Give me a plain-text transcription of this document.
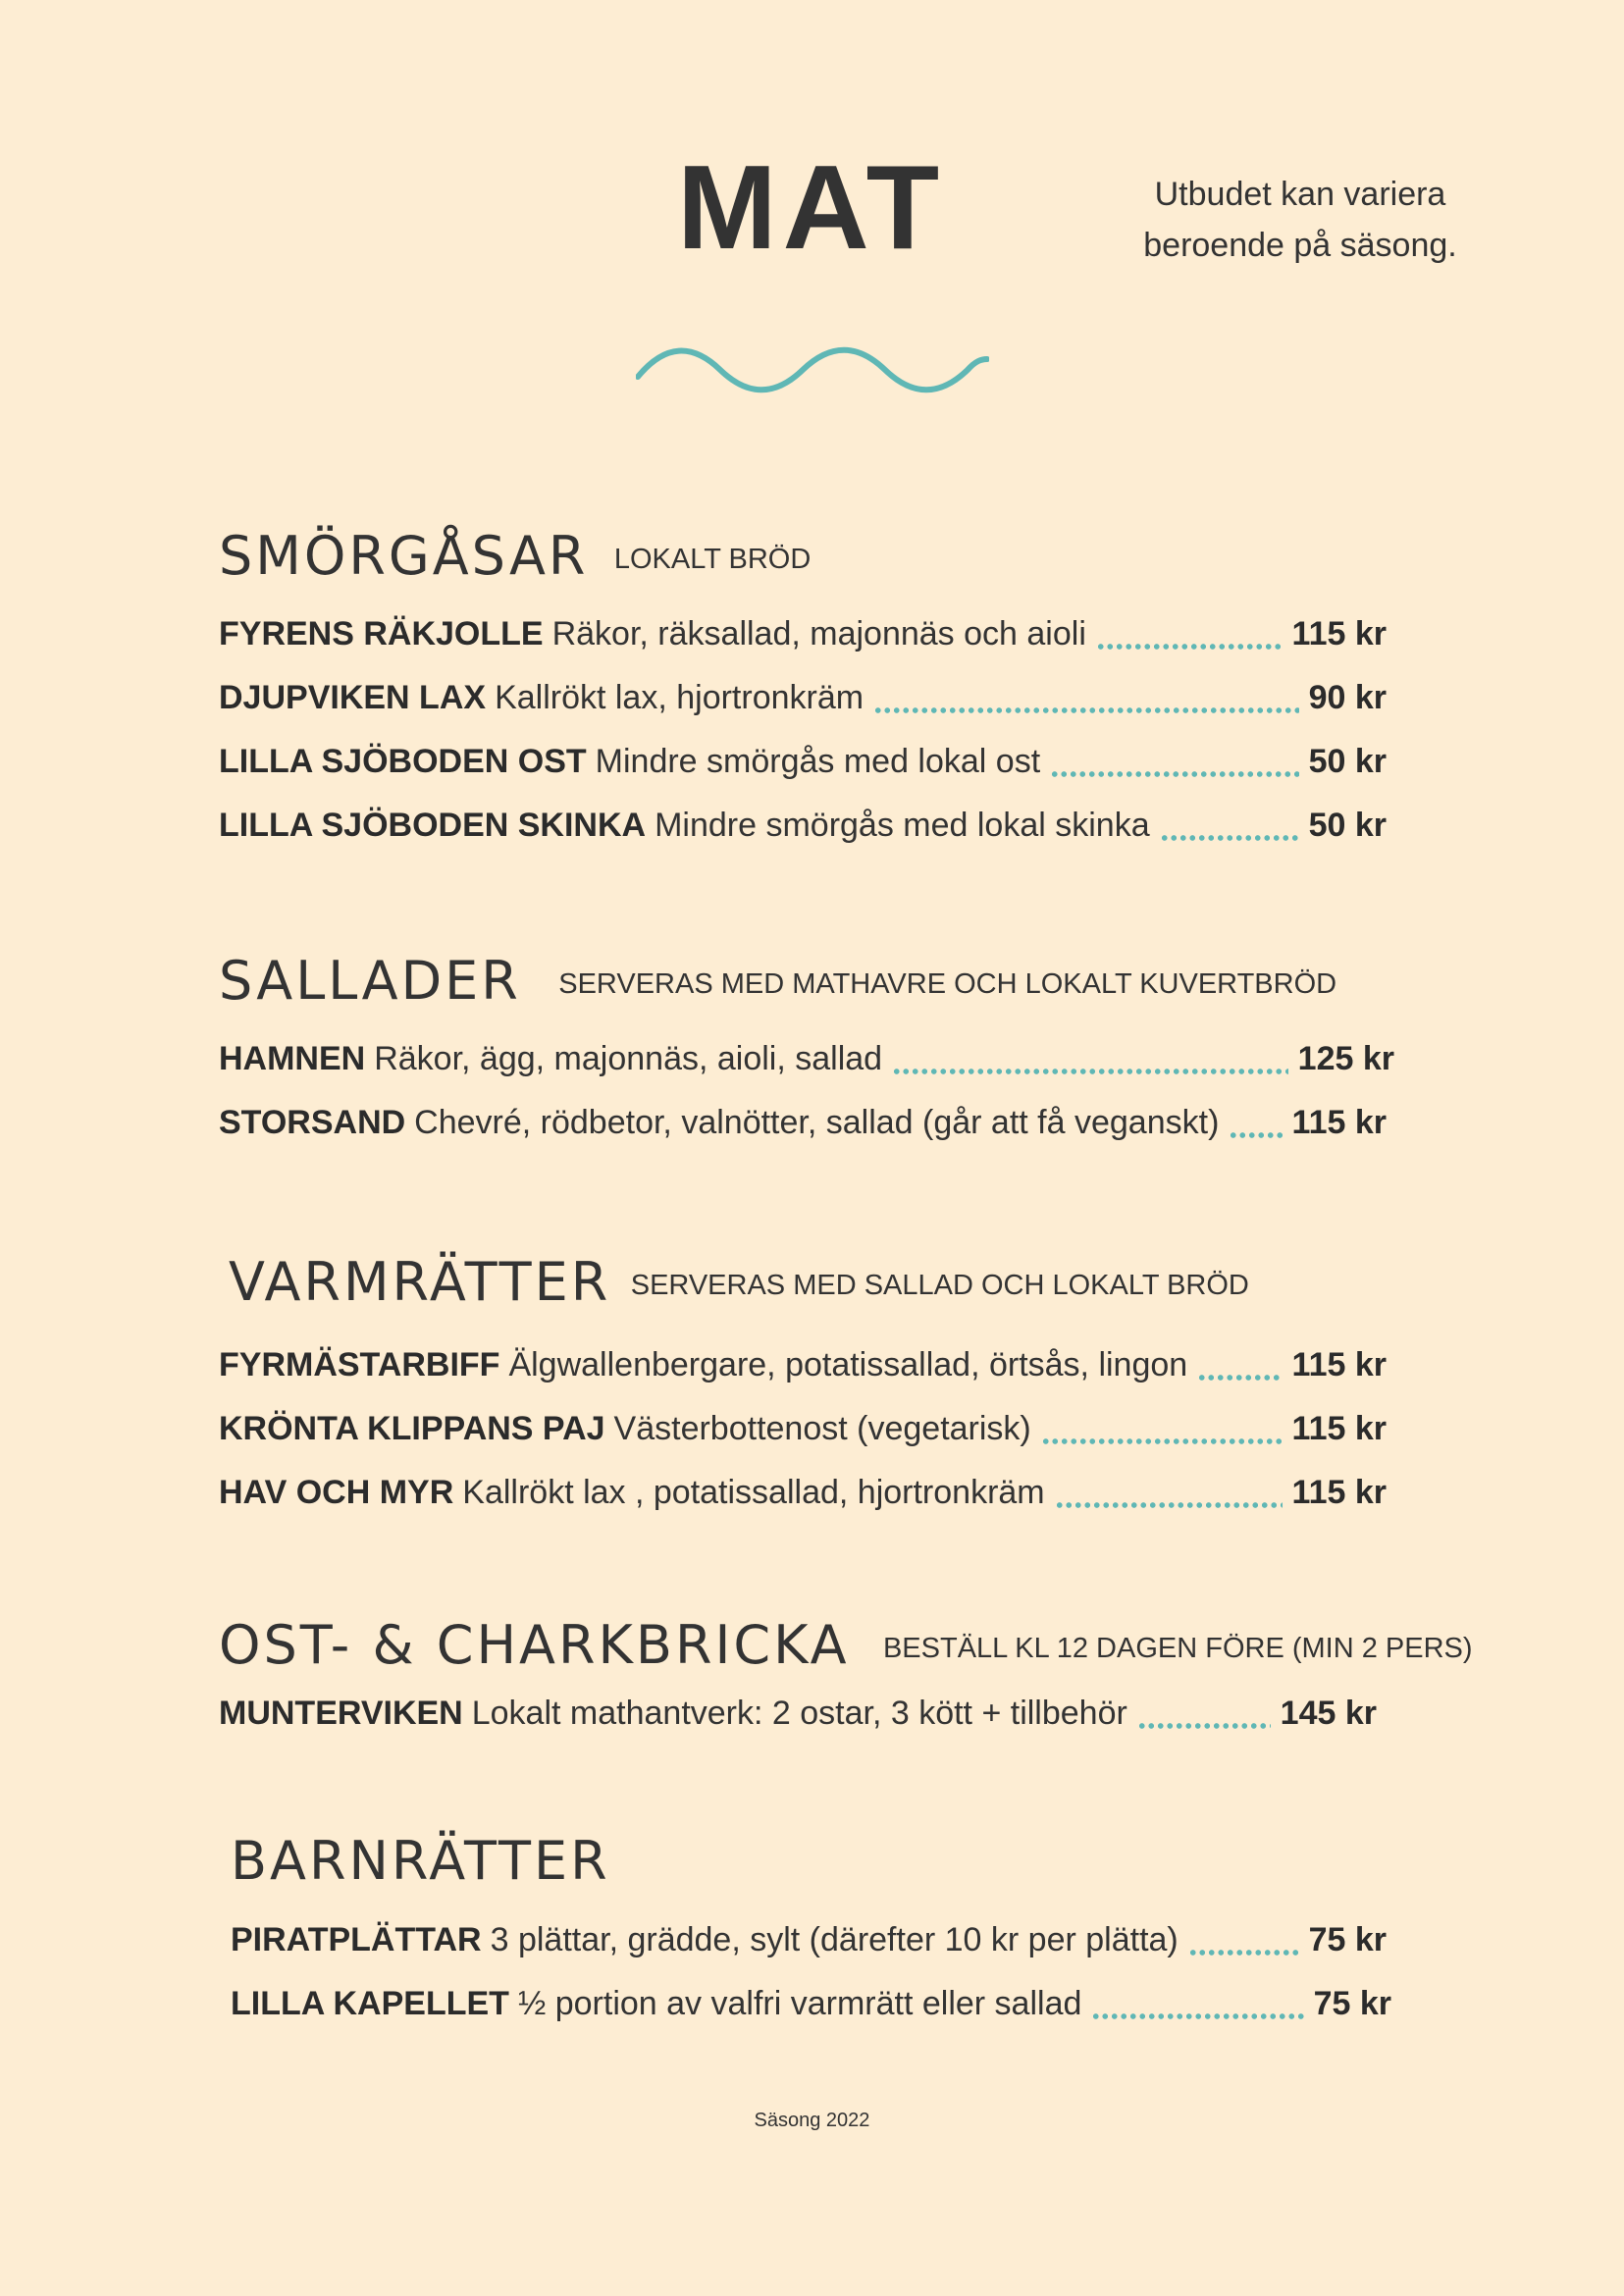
MAT	Utbudet kan variera
beroende på säsong.
SMÖRGÅSAR LOKALT BRÖD
FYRENS RÄKJOLLE Räkor, räksallad, majonnäs och aioli	115 kr
DJUPVIKEN LAX Kallrökt lax, hjortronkräm	90 kr
LILLA SJÖBODEN OST Mindre smörgås med lokal ost	50 kr
LILLA SJÖBODEN SKINKA Mindre smörgås med lokal skinka	50 kr
SALLADER SERVERAS MED MATHAVRE OCH LOKALT KUVERTBRÖD
HAMNEN Räkor, ägg, majonnäs, aioli, sallad	125 kr
STORSAND Chevré, rödbetor, valnötter, sallad (går att få veganskt) 115 kr
VARMRÄTTER SERVERAS MED SALLAD OCH LOKALT BRÖD
FYRMÄSTARBIFF Älgwallenbergare, potatissallad, örtsås, lingon	115 kr
KRÖNTA KLIPPANS PAJ Västerbottenost (vegetarisk)	115 kr
HAV OCH MYR Kallrökt lax , potatissallad, hjortronkräm	115 kr
OST- & CHARKBRICKA BESTÄLL KL 12 DAGEN FÖRE (MIN 2 PERS)
MUNTERVIKEN Lokalt mathantverk: 2 ostar, 3 kött + tillbehör	145 kr
BARNRÄTTER
PIRATPLÄTTAR 3 plättar, grädde, sylt (därefter 10 kr per plätta)	75 kr
LILLA KAPELLET ½ portion av valfri varmrätt eller sallad	75 kr
Säsong 2022
